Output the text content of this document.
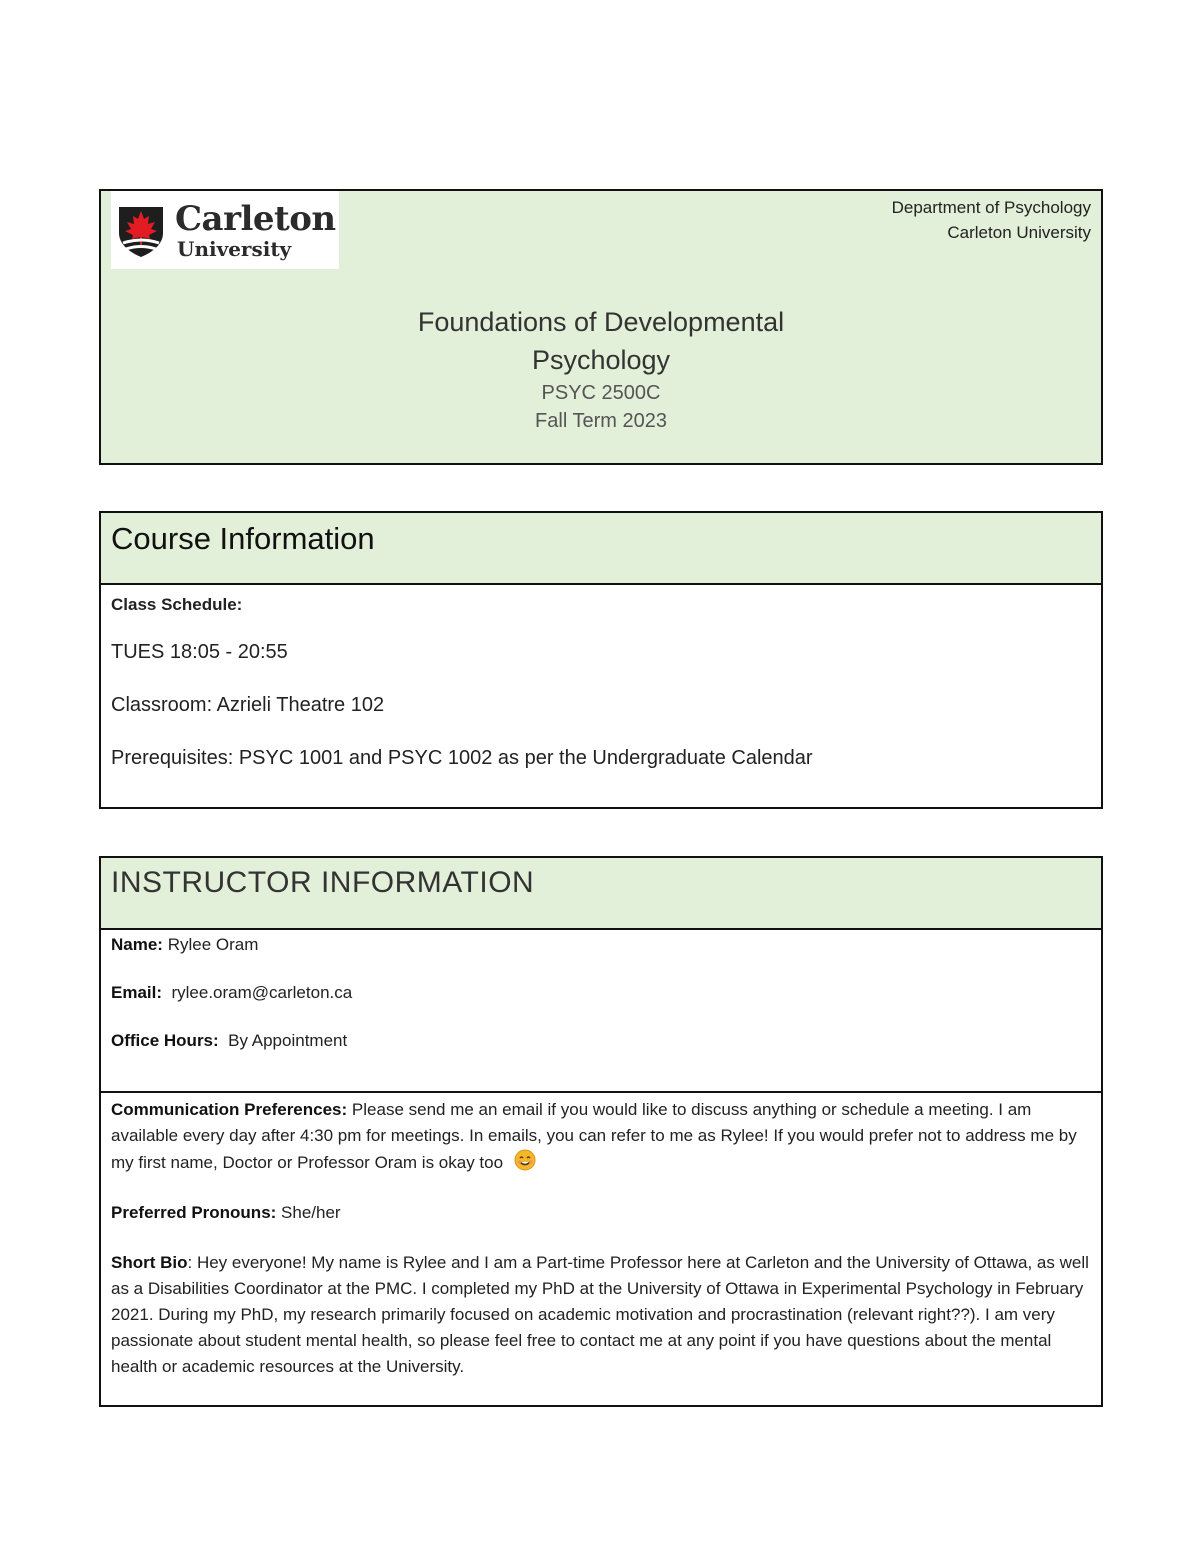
Carleton
University
Department of Psychology
Carleton University
Foundations of Developmental Psychology
PSYC 2500C
Fall Term 2023
Course Information

Class Schedule:

TUES 18:05 - 20:55

Classroom: Azrieli Theatre 102

Prerequisites: PSYC 1001 and PSYC 1002 as per the Undergraduate Calendar

INSTRUCTOR INFORMATION

Name: Rylee Oram

Email: rylee.oram@carleton.ca

Office Hours: By Appointment

Communication Preferences: Please send me an email if you would like to discuss anything or schedule a meeting. I am available every day after 4:30 pm for meetings. In emails, you can refer to me as Rylee! If you would prefer not to address me by my first name, Doctor or Professor Oram is okay too

Preferred Pronouns: She/her

Short Bio: Hey everyone! My name is Rylee and I am a Part-time Professor here at Carleton and the University of Ottawa, as well as a Disabilities Coordinator at the PMC. I completed my PhD at the University of Ottawa in Experimental Psychology in February 2021. During my PhD, my research primarily focused on academic motivation and procrastination (relevant right??). I am very passionate about student mental health, so please feel free to contact me at any point if you have questions about the mental health or academic resources at the University.
